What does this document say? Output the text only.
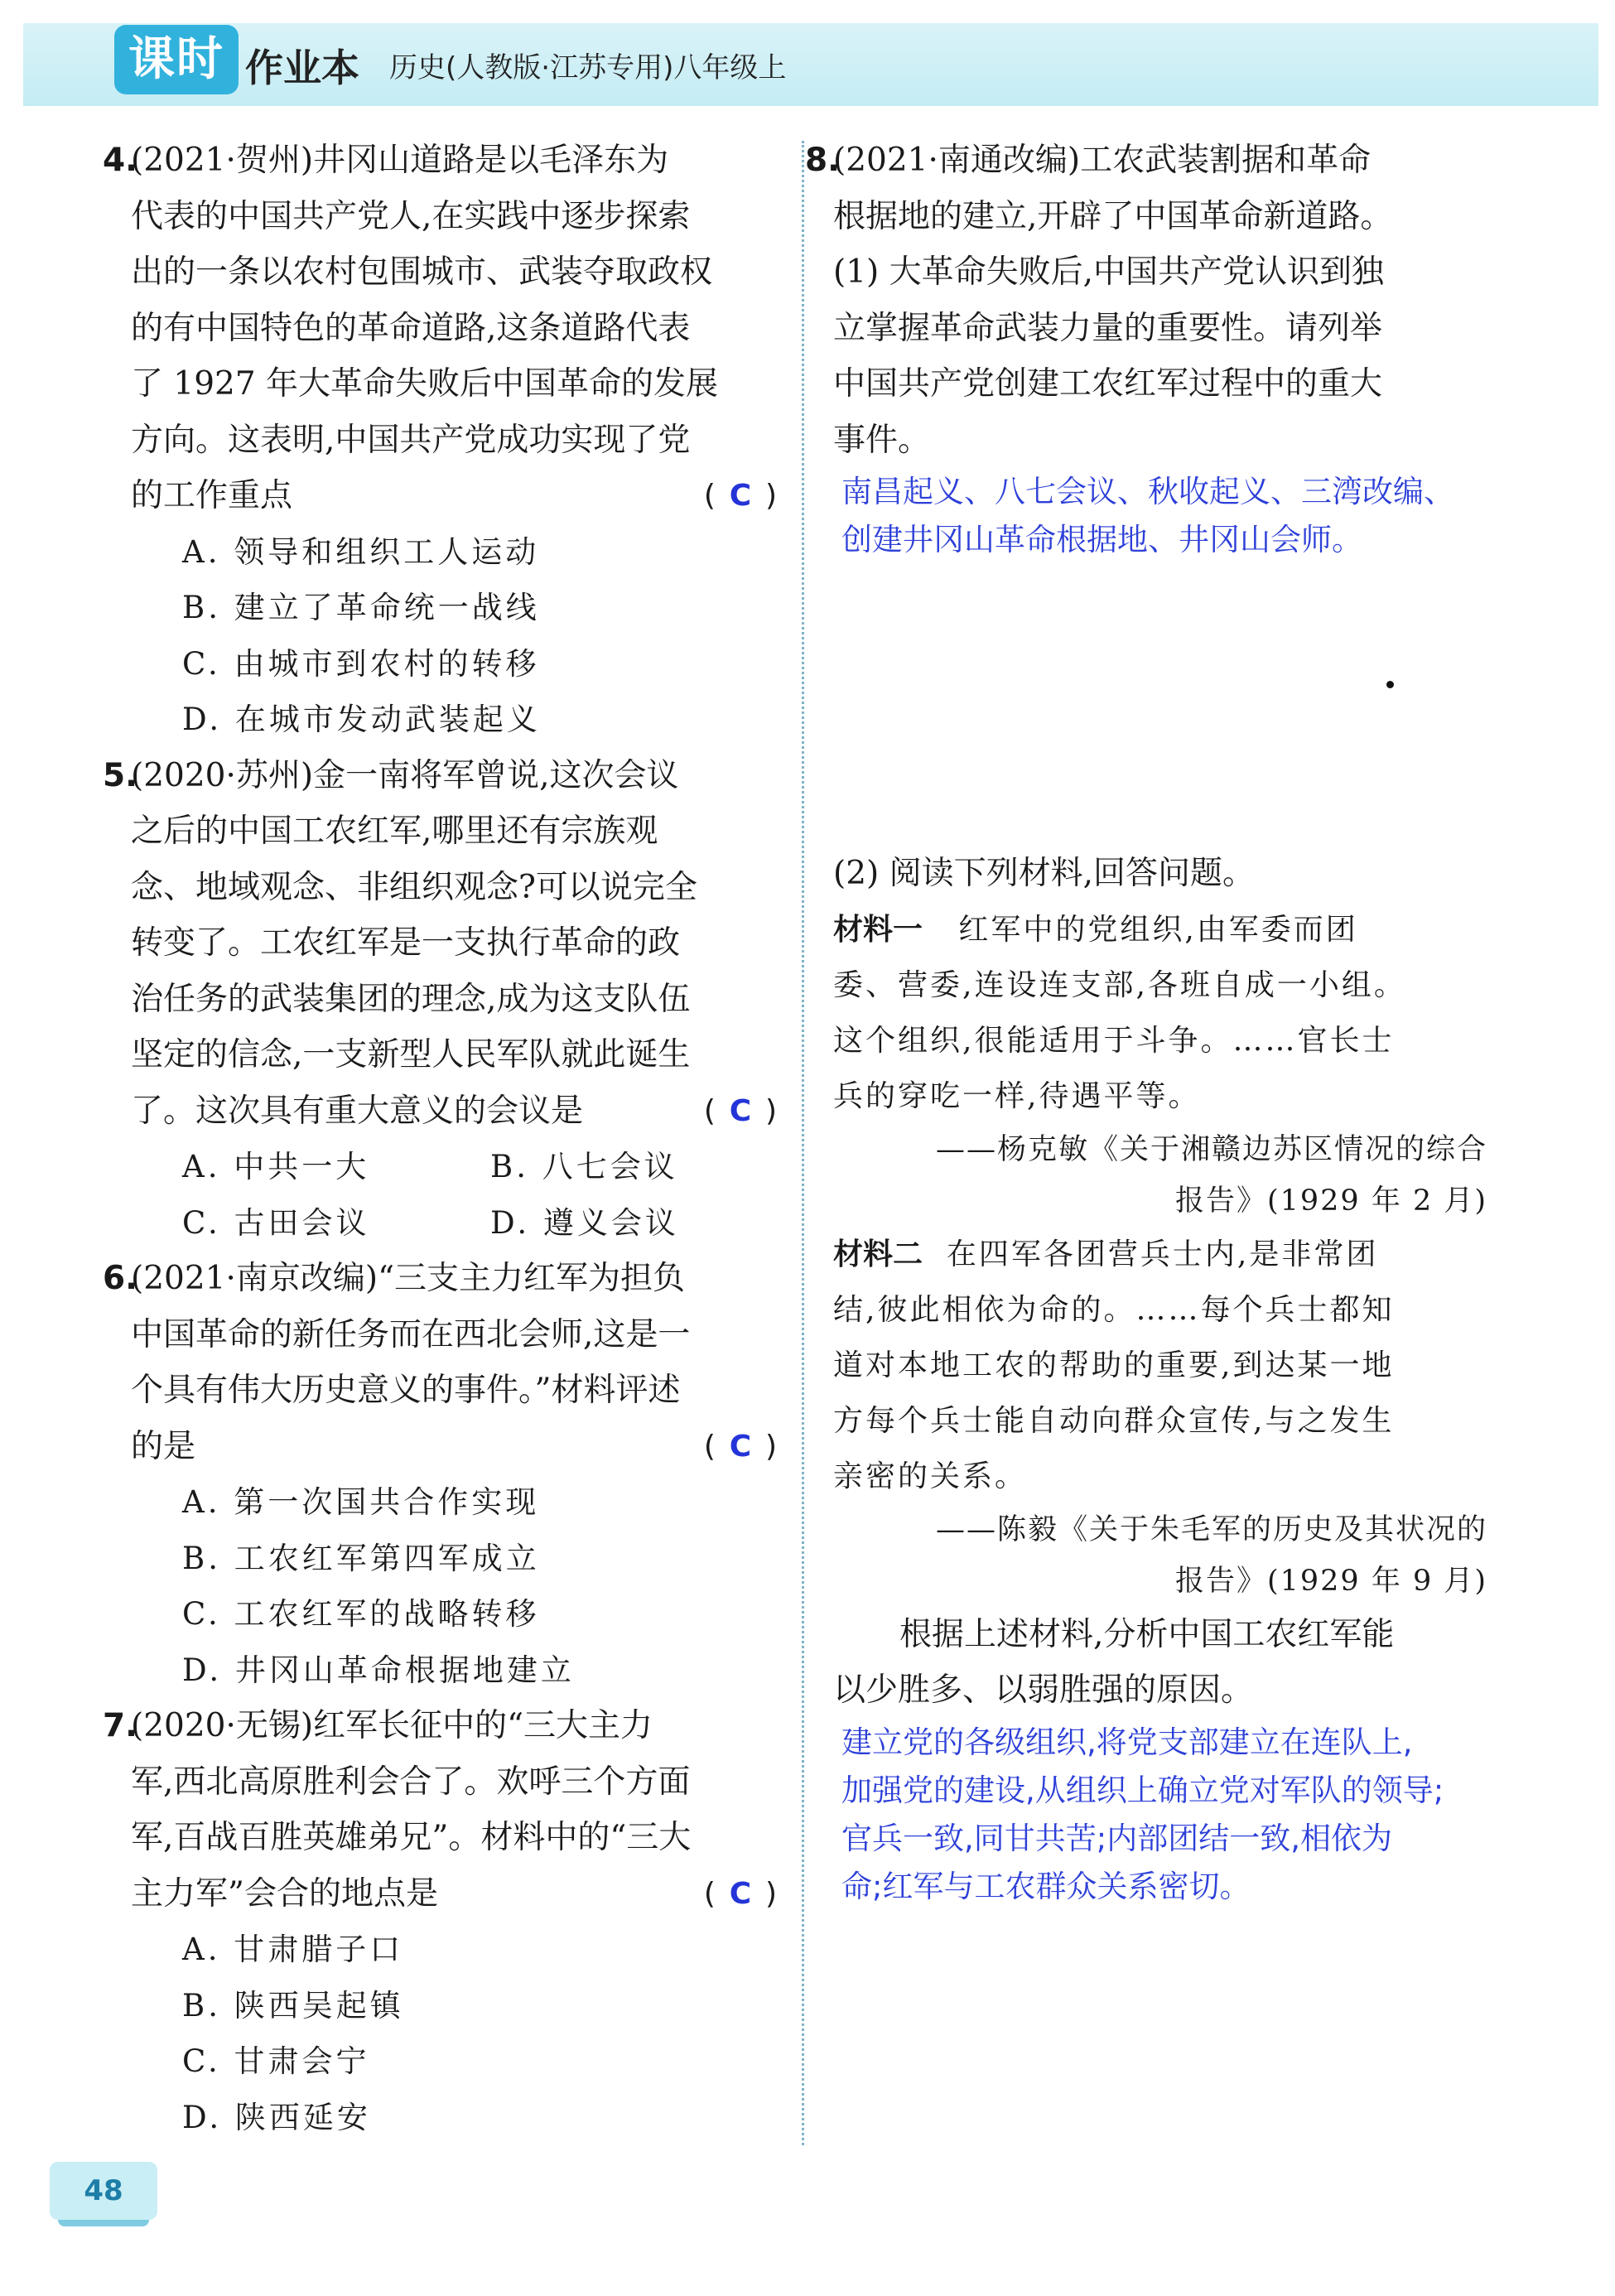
课时 作业本 历史(人教版·江苏专用)八年级上
4.
(2021·贺州)井冈山道路是以毛泽东为
代表的中国共产党人,在实践中逐步探索
出的一条以农村包围城市、武装夺取政权
的有中国特色的革命道路,这条道路代表
了 1927 年大革命失败后中国革命的发展
方向。这表明,中国共产党成功实现了党
的工作重点	( C )
A. 领导和组织工人运动
B. 建立了革命统一战线
C. 由城市到农村的转移
D. 在城市发动武装起义
5.
(2020·苏州)金一南将军曾说,这次会议
之后的中国工农红军,哪里还有宗族观
念、地域观念、非组织观念?可以说完全
转变了。工农红军是一支执行革命的政
治任务的武装集团的理念,成为这支队伍
坚定的信念,一支新型人民军队就此诞生
了。这次具有重大意义的会议是	( C )
A. 中共一大	B. 八七会议
C. 古田会议	D. 遵义会议
6.
(2021·南京改编)“三支主力红军为担负
中国革命的新任务而在西北会师,这是一
个具有伟大历史意义的事件。”材料评述
的是	( C )
A. 第一次国共合作实现
B. 工农红军第四军成立
C. 工农红军的战略转移
D. 井冈山革命根据地建立
7.
(2020·无锡)红军长征中的“三大主力
军,西北高原胜利会合了。欢呼三个方面
军,百战百胜英雄弟兄”。材料中的“三大
主力军”会合的地点是	( C )
A. 甘肃腊子口
B. 陕西吴起镇
C. 甘肃会宁
D. 陕西延安
8.
(2021·南通改编)工农武装割据和革命
根据地的建立,开辟了中国革命新道路。
(1) 大革命失败后,中国共产党认识到独
立掌握革命武装力量的重要性。请列举
中国共产党创建工农红军过程中的重大
事件。
南昌起义、八七会议、秋收起义、三湾改编、
创建井冈山革命根据地、井冈山会师。
(2) 阅读下列材料,回答问题。
材料一 红军中的党组织,由军委而团
委、营委,连设连支部,各班自成一小组。
这个组织,很能适用于斗争。……官长士
兵的穿吃一样,待遇平等。
——杨克敏《关于湘赣边苏区情况的综合
报告》(1929 年 2 月)
材料二 在四军各团营兵士内,是非常团
结,彼此相依为命的。……每个兵士都知
道对本地工农的帮助的重要,到达某一地
方每个兵士能自动向群众宣传,与之发生
亲密的关系。
——陈毅《关于朱毛军的历史及其状况的
报告》(1929 年 9 月)
根据上述材料,分析中国工农红军能
以少胜多、以弱胜强的原因。
建立党的各级组织,将党支部建立在连队上,
加强党的建设,从组织上确立党对军队的领导;
官兵一致,同甘共苦;内部团结一致,相依为
命;红军与工农群众关系密切。
48
